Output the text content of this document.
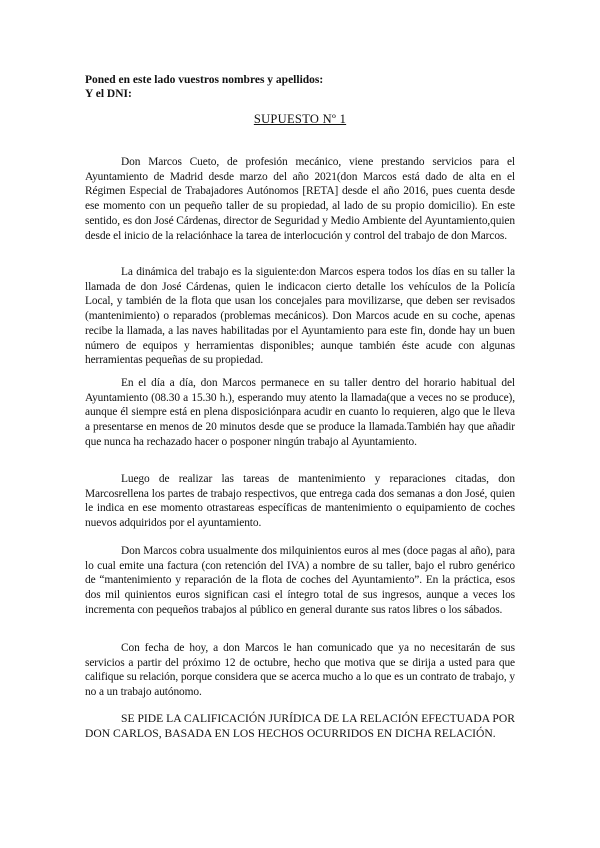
Poned en este lado vuestros nombres y apellidos:
Y el DNI:
SUPUESTO Nº 1

Don Marcos Cueto, de profesión mecánico, viene prestando servicios para el Ayuntamiento de Madrid desde marzo del año 2021(don Marcos está dado de alta en el Régimen Especial de Trabajadores Autónomos [RETA] desde el año 2016, pues cuenta desde ese momento con un pequeño taller de su propiedad, al lado de su propio domicilio). En este sentido, es don José Cárdenas, director de Seguridad y Medio Ambiente del Ayuntamiento,quien desde el inicio de la relaciónhace la tarea de interlocución y control del trabajo de don Marcos.

La dinámica del trabajo es la siguiente:don Marcos espera todos los días en su taller la llamada de don José Cárdenas, quien le indicacon cierto detalle los vehículos de la Policía Local, y también de la flota que usan los concejales para movilizarse, que deben ser revisados (mantenimiento) o reparados (problemas mecánicos). Don Marcos acude en su coche, apenas recibe la llamada, a las naves habilitadas por el Ayuntamiento para este fin, donde hay un buen número de equipos y herramientas disponibles; aunque también éste acude con algunas herramientas pequeñas de su propiedad.

En el día a día, don Marcos permanece en su taller dentro del horario habitual del Ayuntamiento (08.30 a 15.30 h.), esperando muy atento la llamada(que a veces no se produce), aunque él siempre está en plena disposiciónpara acudir en cuanto lo requieren, algo que le lleva a presentarse en menos de 20 minutos desde que se produce la llamada.También hay que añadir que nunca ha rechazado hacer o posponer ningún trabajo al Ayuntamiento.

Luego de realizar las tareas de mantenimiento y reparaciones citadas, don Marcosrellena los partes de trabajo respectivos, que entrega cada dos semanas a don José, quien le indica en ese momento otrastareas específicas de mantenimiento o equipamiento de coches nuevos adquiridos por el ayuntamiento.

Don Marcos cobra usualmente dos milquinientos euros al mes (doce pagas al año), para lo cual emite una factura (con retención del IVA) a nombre de su taller, bajo el rubro genérico de “mantenimiento y reparación de la flota de coches del Ayuntamiento”. En la práctica, esos dos mil quinientos euros significan casi el íntegro total de sus ingresos, aunque a veces los incrementa con pequeños trabajos al público en general durante sus ratos libres o los sábados.

Con fecha de hoy, a don Marcos le han comunicado que ya no necesitarán de sus servicios a partir del próximo 12 de octubre, hecho que motiva que se dirija a usted para que califique su relación, porque considera que se acerca mucho a lo que es un contrato de trabajo, y no a un trabajo autónomo.

SE PIDE LA CALIFICACIÓN JURÍDICA DE LA RELACIÓN EFECTUADA POR DON CARLOS, BASADA EN LOS HECHOS OCURRIDOS EN DICHA RELACIÓN.
